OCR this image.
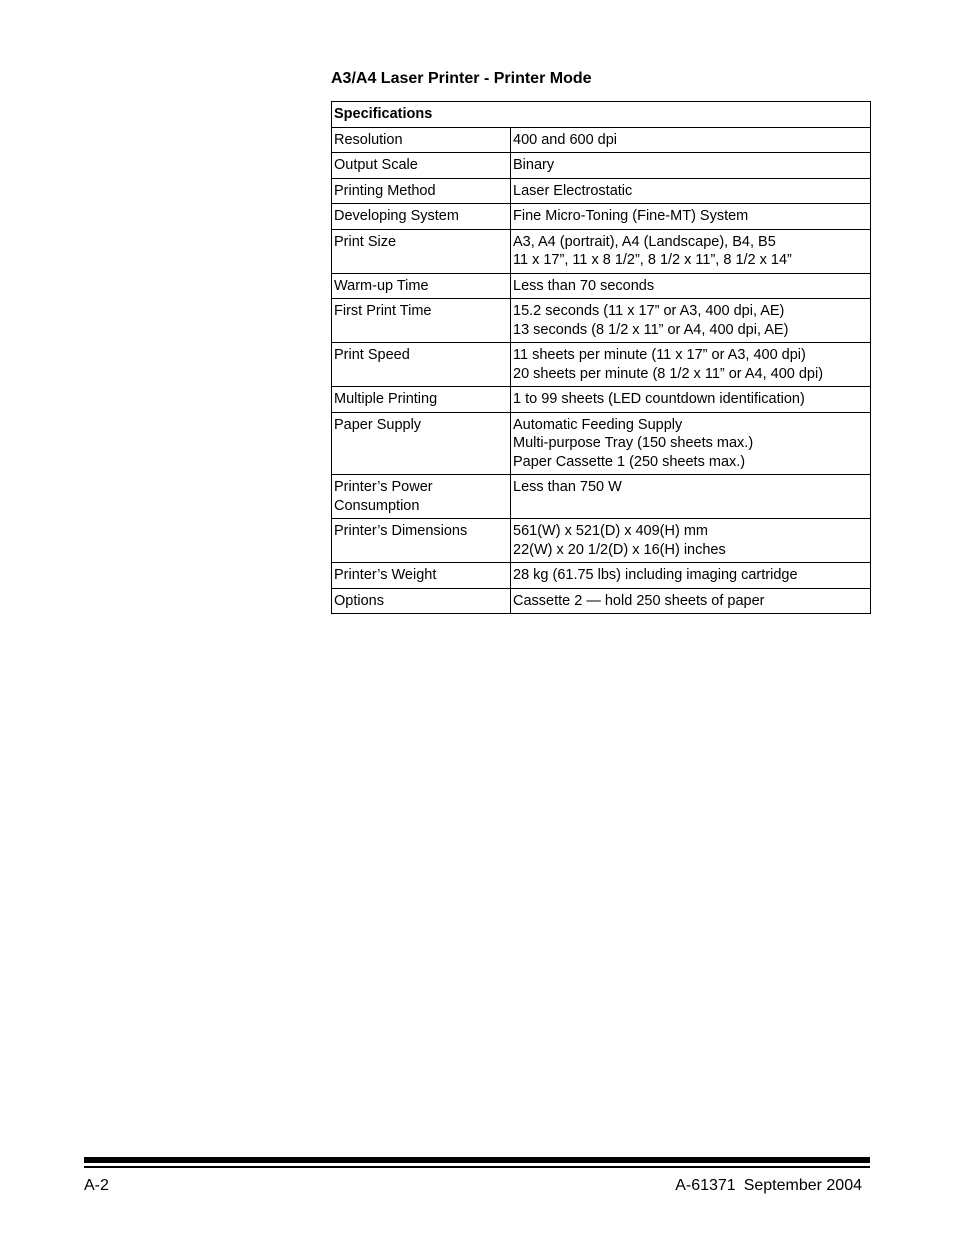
A3/A4 Laser Printer - Printer Mode
Specifications	

Resolution	400 and 600 dpi

Output Scale	Binary

Printing Method	Laser Electrostatic

Developing System	Fine Micro-Toning (Fine-MT) System

Print Size	A3, A4 (portrait), A4 (Landscape), B4, B5
11 x 17”, 11 x 8 1/2”, 8 1/2 x 11”, 8 1/2 x 14”

Warm-up Time	Less than 70 seconds

First Print Time	15.2 seconds (11 x 17” or A3, 400 dpi, AE)
13 seconds (8 1/2 x 11” or A4, 400 dpi, AE)

Print Speed	11 sheets per minute (11 x 17” or A3, 400 dpi)
20 sheets per minute (8 1/2 x 11” or A4, 400 dpi)

Multiple Printing	1 to 99 sheets (LED countdown identification)

Paper Supply	Automatic Feeding Supply
Multi-purpose Tray (150 sheets max.)
Paper Cassette 1 (250 sheets max.)

Printer’s Power Consumption	Less than 750 W

Printer’s Dimensions	561(W) x 521(D) x 409(H) mm
22(W) x 20 1/2(D) x 16(H) inches

Printer’s Weight	28 kg (61.75 lbs) including imaging cartridge

Options	Cassette 2 — hold 250 sheets of paper
A-2	A-61371 September 2004
